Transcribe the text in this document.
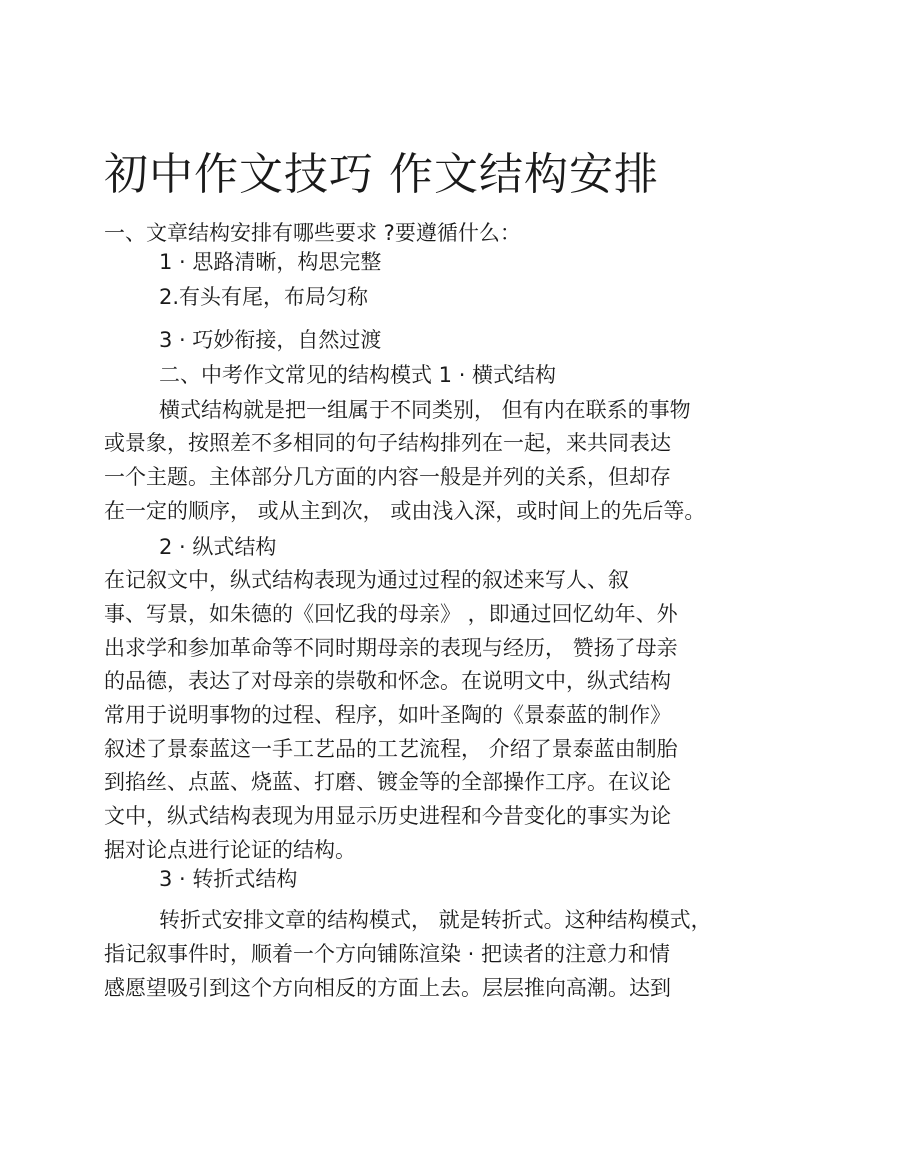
初中作文技巧 作文结构安排
一、文章结构安排有哪些要求 ?要遵循什么：
1 · 思路清晰，构思完整
2.有头有尾，布局匀称
3 · 巧妙衔接，自然过渡
二、中考作文常见的结构模式 1 · 横式结构
横式结构就是把一组属于不同类别， 但有内在联系的事物
或景象，按照差不多相同的句子结构排列在一起，来共同表达
一个主题。主体部分几方面的内容一般是并列的关系，但却存
在一定的顺序， 或从主到次， 或由浅入深，或时间上的先后等。
2 · 纵式结构
在记叙文中，纵式结构表现为通过过程的叙述来写人、叙
事、写景，如朱德的《回忆我的母亲》 ，即通过回忆幼年、外
出求学和参加革命等不同时期母亲的表现与经历， 赞扬了母亲
的品德，表达了对母亲的崇敬和怀念。在说明文中，纵式结构
常用于说明事物的过程、程序，如叶圣陶的《景泰蓝的制作》
叙述了景泰蓝这一手工艺品的工艺流程， 介绍了景泰蓝由制胎
到掐丝、点蓝、烧蓝、打磨、镀金等的全部操作工序。在议论
文中，纵式结构表现为用显示历史进程和今昔变化的事实为论
据对论点进行论证的结构。
3 · 转折式结构
转折式安排文章的结构模式， 就是转折式。这种结构模式，
指记叙事件时，顺着一个方向铺陈渲染 · 把读者的注意力和情
感愿望吸引到这个方向相反的方面上去。层层推向高潮。达到
